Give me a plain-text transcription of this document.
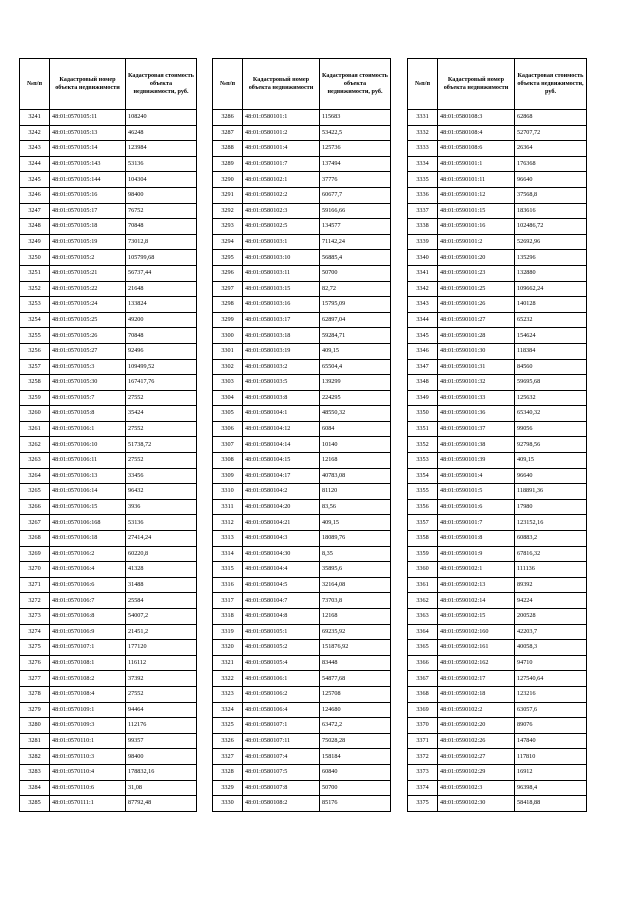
№п/п	Кадастровый номер объекта недвижимости	Кадастровая стоимость объекта недвижимости, руб.
3241	48:01:0570105:11	108240
3242	48:01:0570105:13	46248
3243	48:01:0570105:14	123984
3244	48:01:0570105:143	53136
3245	48:01:0570105:144	104304
3246	48:01:0570105:16	98400
3247	48:01:0570105:17	76752
3248	48:01:0570105:18	70848
3249	48:01:0570105:19	73012,8
3250	48:01:0570105:2	105799,68
3251	48:01:0570105:21	56737,44
3252	48:01:0570105:22	21648
3253	48:01:0570105:24	133824
3254	48:01:0570105:25	49200
3255	48:01:0570105:26	70848
3256	48:01:0570105:27	92496
3257	48:01:0570105:3	109499,52
3258	48:01:0570105:30	167417,76
3259	48:01:0570105:7	27552
3260	48:01:0570105:8	35424
3261	48:01:0570106:1	27552
3262	48:01:0570106:10	51738,72
3263	48:01:0570106:11	27552
3264	48:01:0570106:13	33456
3265	48:01:0570106:14	96432
3266	48:01:0570106:15	3936
3267	48:01:0570106:168	53136
3268	48:01:0570106:18	27414,24
3269	48:01:0570106:2	60220,8
3270	48:01:0570106:4	41328
3271	48:01:0570106:6	31488
3272	48:01:0570106:7	25584
3273	48:01:0570106:8	54007,2
3274	48:01:0570106:9	21451,2
3275	48:01:0570107:1	177120
3276	48:01:0570108:1	116112
3277	48:01:0570108:2	37392
3278	48:01:0570108:4	27552
3279	48:01:0570109:1	94464
3280	48:01:0570109:3	112176
3281	48:01:0570110:1	99357
3282	48:01:0570110:3	98400
3283	48:01:0570110:4	178832,16
3284	48:01:0570110:6	31,08
3285	48:01:0570111:1	87792,48
№п/п	Кадастровый номер объекта недвижимости	Кадастровая стоимость объекта недвижимости, руб.
3286	48:01:0580101:1	115683
3287	48:01:0580101:2	53422,5
3288	48:01:0580101:4	125736
3289	48:01:0580101:7	137494
3290	48:01:0580102:1	37776
3291	48:01:0580102:2	60677,7
3292	48:01:0580102:3	59166,66
3293	48:01:0580102:5	134577
3294	48:01:0580103:1	71142,24
3295	48:01:0580103:10	56885,4
3296	48:01:0580103:11	50700
3297	48:01:0580103:15	82,72
3298	48:01:0580103:16	15795,09
3299	48:01:0580103:17	62897,04
3300	48:01:0580103:18	59284,71
3301	48:01:0580103:19	409,15
3302	48:01:0580103:2	65504,4
3303	48:01:0580103:5	139299
3304	48:01:0580103:8	224295
3305	48:01:0580104:1	48550,32
3306	48:01:0580104:12	6084
3307	48:01:0580104:14	10140
3308	48:01:0580104:15	12168
3309	48:01:0580104:17	40783,08
3310	48:01:0580104:2	81120
3311	48:01:0580104:20	83,56
3312	48:01:0580104:21	409,15
3313	48:01:0580104:3	18089,76
3314	48:01:0580104:30	8,35
3315	48:01:0580104:4	35895,6
3316	48:01:0580104:5	32164,08
3317	48:01:0580104:7	73703,8
3318	48:01:0580104:8	12168
3319	48:01:0580105:1	69235,92
3320	48:01:0580105:2	151876,92
3321	48:01:0580105:4	83448
3322	48:01:0580106:1	54877,68
3323	48:01:0580106:2	125708
3324	48:01:0580106:4	124680
3325	48:01:0580107:1	63472,2
3326	48:01:0580107:11	75028,28
3327	48:01:0580107:4	158184
3328	48:01:0580107:5	60840
3329	48:01:0580107:8	50700
3330	48:01:0580108:2	85176
№п/п	Кадастровый номер объекта недвижимости	Кадастровая стоимость объекта недвижимости, руб.
3331	48:01:0580108:3	62868
3332	48:01:0580108:4	52707,72
3333	48:01:0580108:6	26364
3334	48:01:0590101:1	176368
3335	48:01:0590101:11	96640
3336	48:01:0590101:12	37568,8
3337	48:01:0590101:15	183616
3338	48:01:0590101:16	102486,72
3339	48:01:0590101:2	52692,96
3340	48:01:0590101:20	135296
3341	48:01:0590101:23	132880
3342	48:01:0590101:25	109662,24
3343	48:01:0590101:26	140128
3344	48:01:0590101:27	65232
3345	48:01:0590101:28	154624
3346	48:01:0590101:30	118384
3347	48:01:0590101:31	84560
3348	48:01:0590101:32	59695,68
3349	48:01:0590101:33	125632
3350	48:01:0590101:36	65340,32
3351	48:01:0590101:37	99056
3352	48:01:0590101:38	92798,56
3353	48:01:0590101:39	409,15
3354	48:01:0590101:4	96640
3355	48:01:0590101:5	118891,36
3356	48:01:0590101:6	17980
3357	48:01:0590101:7	123152,16
3358	48:01:0590101:8	60883,2
3359	48:01:0590101:9	67816,32
3360	48:01:0590102:1	111136
3361	48:01:0590102:13	89392
3362	48:01:0590102:14	94224
3363	48:01:0590102:15	200528
3364	48:01:0590102:160	42203,7
3365	48:01:0590102:161	40058,3
3366	48:01:0590102:162	94710
3367	48:01:0590102:17	127540,64
3368	48:01:0590102:18	123216
3369	48:01:0590102:2	63057,6
3370	48:01:0590102:20	89076
3371	48:01:0590102:26	147840
3372	48:01:0590102:27	117810
3373	48:01:0590102:29	16912
3374	48:01:0590102:3	96398,4
3375	48:01:0590102:30	58418,88
